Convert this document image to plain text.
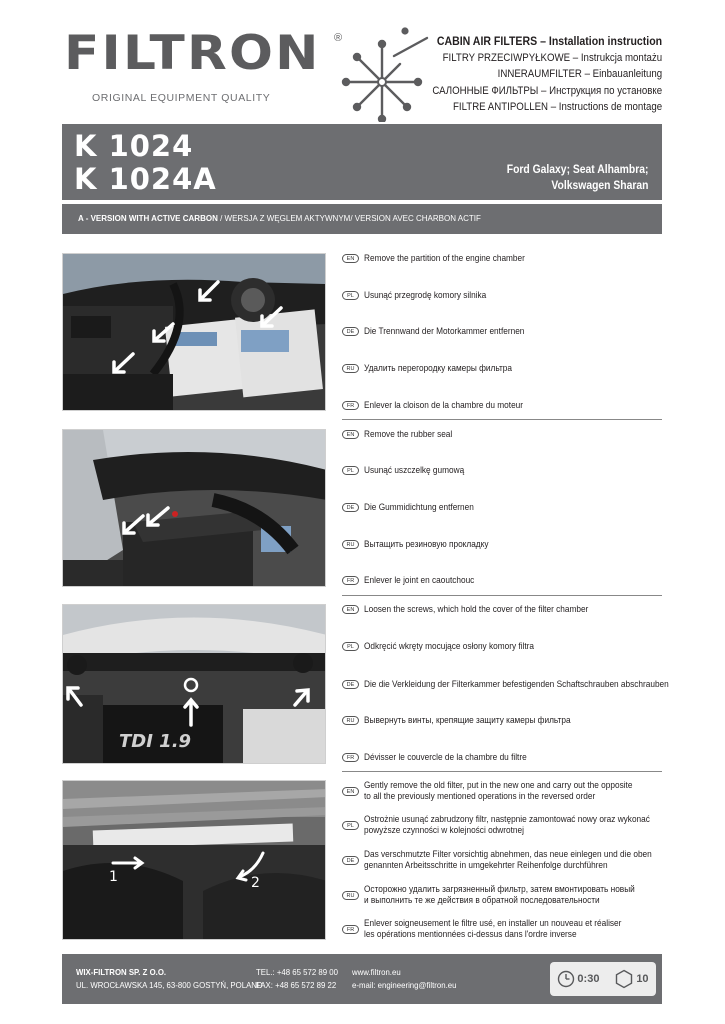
FILTRON ®
ORIGINAL EQUIPMENT QUALITY
CABIN AIR FILTERS – Installation instruction
FILTRY PRZECIWPYŁKOWE – Instrukcja montażu
INNERAUMFILTER – Einbauanleitung
САЛОННЫЕ ФИЛЬТРЫ – Инструкция по установке
FILTRE ANTIPOLLEN – Instructions de montage
K 1024
K 1024A	Ford Galaxy; Seat Alhambra;
Volkswagen Sharan
A - VERSION WITH ACTIVE CARBON / WERSJA Z WĘGLEM AKTYWNYM/ VERSION AVEC CHARBON ACTIF
EN	Remove the partition of the engine chamber
PL	Usunąć przegrodę komory silnika
DE	Die Trennwand der Motorkammer entfernen
RU	Удалить перегородку камеры фильтра
FR	Enlever la cloison de la chambre du moteur
EN	Remove the rubber seal
PL	Usunąć uszczelkę gumową
DE	Die Gummidichtung entfernen
RU	Вытащить резиновую прокладку
FR	Enlever le joint en caoutchouc
TDI 1.9
EN	Loosen the screws, which hold the cover of the filter chamber
PL	Odkręcić wkręty mocujące osłony komory filtra
DE	Die die Verkleidung der Filterkammer befestigenden Schaftschrauben abschrauben
RU	Вывернуть винты, крепящие защиту камеры фильтра
FR	Dévisser le couvercle de la chambre du filtre
1	2
EN
Gently remove the old filter, put in the new one and carry out the opposite
to all the previously mentioned operations in the reversed order
PL
Ostrożnie usunąć zabrudzony filtr, następnie zamontować nowy oraz wykonać
powyższe czynności w kolejności odwrotnej
DE
Das verschmutzte Filter vorsichtig abnehmen, das neue einlegen und die oben
genannten Arbeitsschritte in umgekehrter Reihenfolge durchführen
RU
Осторожно удалить загрязненный фильтр, затем вмонтировать новый
и выполнить те же действия в обратной последовательности
FR
Enlever soigneusement le filtre usé, en installer un nouveau et réaliser
les opérations mentionnées ci-dessus dans l'ordre inverse
WIX-FILTRON SP. Z O.O.
UL. WROCŁAWSKA 145, 63-800 GOSTYŃ, POLAND
TEL.: +48 65 572 89 00
FAX: +48 65 572 89 22
www.filtron.eu
e-mail: engineering@filtron.eu	0:30	10
